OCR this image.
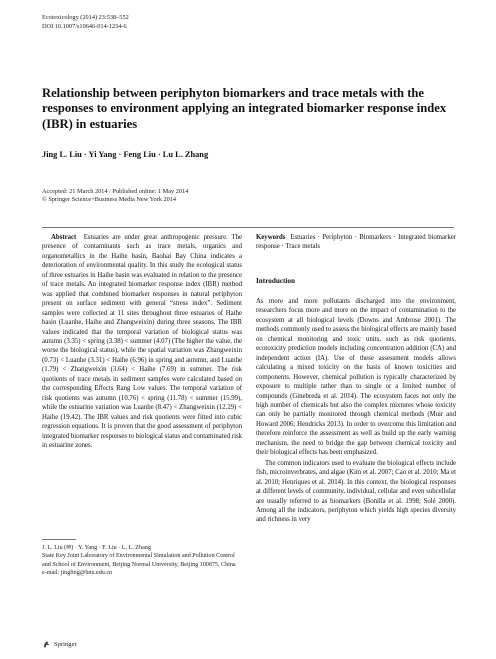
Ecotoxicology (2014) 23:538–552
DOI 10.1007/s10646-014-1234-6
Relationship between periphyton biomarkers and trace metals with the responses to environment applying an integrated biomarker response index (IBR) in estuaries
Jing L. Liu · Yi Yang · Feng Liu · Lu L. Zhang
Accepted: 21 March 2014 / Published online: 1 May 2014
© Springer Science+Business Media New York 2014

Abstract Estuaries are under great anthropogenic pressure. The presence of contaminants such as trace metals, organics and organometallics in the Haihe basin, Baohai Bay China indicates a deterioration of environmental quality. In this study the ecological status of three estuaries in Haihe basin was evaluated in relation to the presence of trace metals. An integrated biomarker response index (IBR) method was applied that combined biomarker responses in natural periphyton present on surface sediment with general “stress index”. Sediment samples were collected at 11 sites throughout three estuaries of Haihe basin (Luanhe, Haihe and Zhangweixin) during three seasons. The IBR values indicated that the temporal variation of biological status was autumn (3.35) < spring (3.38) < summer (4.07) (The higher the value, the worse the biological status), while the spatial variation was Zhangweixin (0.73) < Luanhe (3.31) < Haihe (6.96) in spring and autumn, and Luanhe (1.79) < Zhangweixin (3.64) < Haihe (7.69) in summer. The risk quotients of trace metals in sediment samples were calculated based on the corresponding Effects Rang Low values. The temporal variation of risk quotients was autumn (10.76) < spring (11.78) < summer (15.99), while the estuarine variation was Luanhe (8.47) < Zhangweixin (12.29) < Haihe (19.42). The IBR values and risk quotients were fitted into cubic regression equations. It is proven that the good assessment of periphyton integrated biomarker responses to biological status and contaminated risk in estuarine zones.

Keywords Estuaries · Periphyton · Biomarkers · Integrated biomarker response · Trace metals

Introduction

As more and more pollutants discharged into the environment, researchers focus more and more on the impact of contamination to the ecosystem at all biological levels (Downs and Ambrose 2001). The methods commonly used to assess the biological effects are mainly based on chemical monitoring and toxic units, such as risk quotients, ecotoxicity prediction models including concentration addition (CA) and independent action (IA). Use of these assessment models allows calculating a mixed toxicity on the basis of known toxicities and components. However, chemical pollution is typically characterized by exposure to multiple rather than to single or a limited number of compounds (Ginebreda et al. 2014). The ecosystem faces not only the high number of chemicals but also the complex mixtures whose toxicity can only be partially monitored through chemical methods (Muir and Howard 2006; Hendricks 2013). In order to overcome this limitation and therefore reinforce the assessment as well as build up the early warning mechanism, the need to bridge the gap between chemical toxicity and their biological effects has been emphasized.

The common indicators used to evaluate the biological effects include fish, microinverbrates, and algae (Kim et al. 2007; Cao et al. 2010; Ma et al. 2010; Henriques et al. 2014). In this context, the biological responses at different levels of community, individual, cellular and even subcellular are usually referred to as biomarkers (Bonilla et al. 1998; Solé 2000). Among all the indicators, periphyton which yields high species diversity and richness in very

J. L. Liu (✉) · Y. Yang · F. Liu · L. L. Zhang
State Key Joint Laboratory of Environmental Simulation and Pollution Control and School of Environment, Beijing Normal University, Beijing 100875, China
e-mail: jingling@bnu.edu.cn
Springer
